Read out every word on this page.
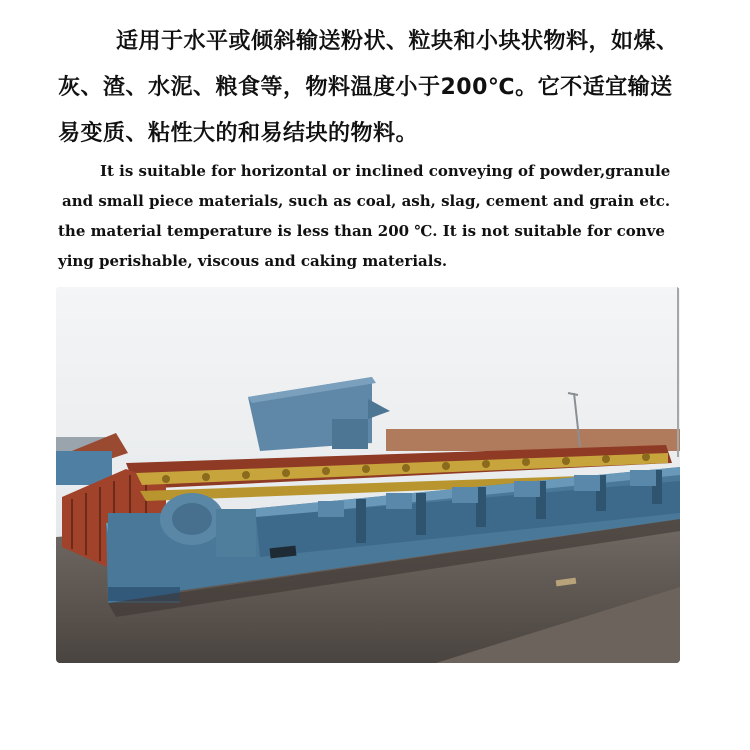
适用于水平或倾斜输送粉状、粒块和小块状物料，如煤、
灰、渣、水泥、粮食等，物料温度小于200℃。它不适宜输送
易变质、粘性大的和易结块的物料。
It is suitable for horizontal or inclined conveying of powder,granule
and small piece materials, such as coal, ash, slag, cement and grain etc.
the material temperature is less than 200 ℃. It is not suitable for conve
ying perishable, viscous and caking materials.
